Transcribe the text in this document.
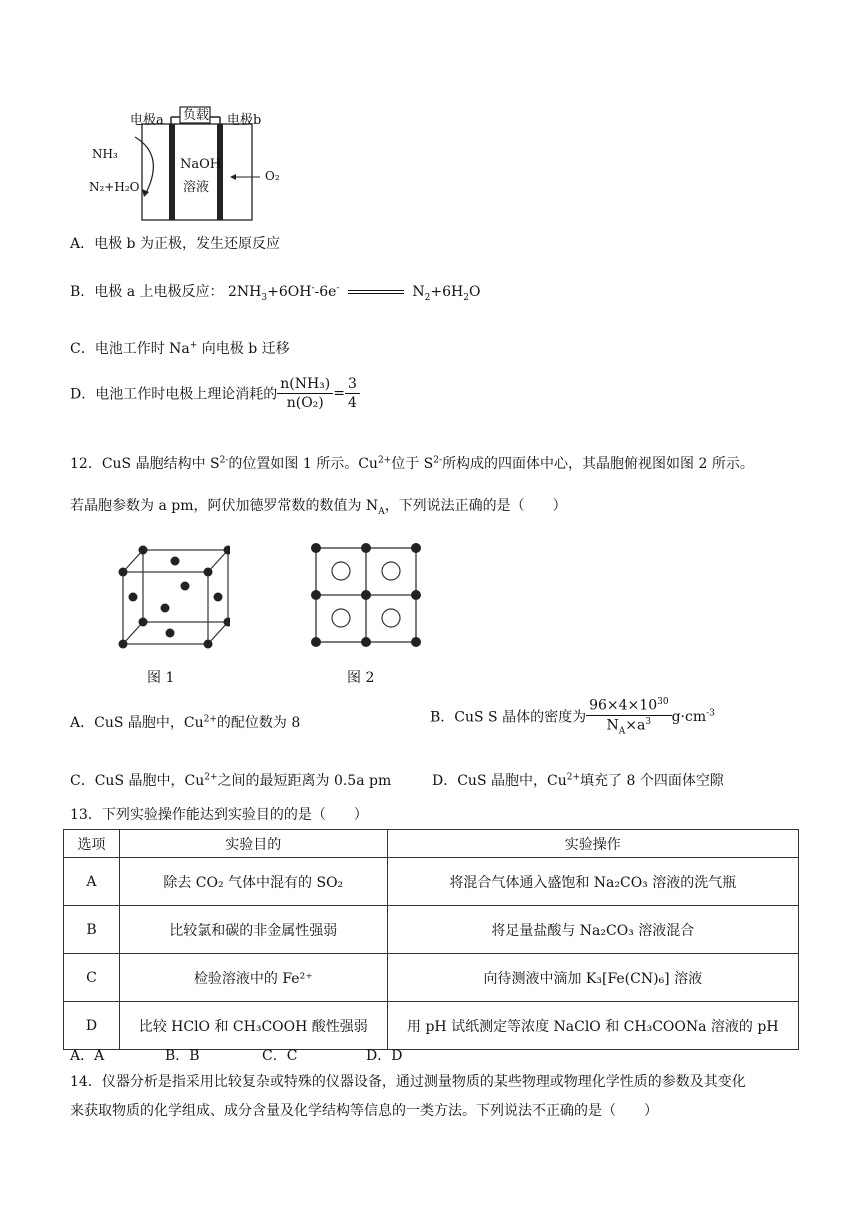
负载
电极a	电极b
NH₃
N₂+H₂O
NaOH
溶液
O₂
A．电极 b 为正极，发生还原反应
B．电极 a 上电极反应： $2NH_3+6OH^--6e^-$	$N_2+6H_2O$
C．电池工作时 Na+ 向电极 b 迁移
D．电池工作时电极上理论消耗的 $\frac{\text{n(NH₃)}}{\text{n(O₂)}} = \frac{3}{4}$
12．CuS 晶胞结构中 $S^{2-}$的位置如图 1 所示。$Cu^{2+}$位于 $S^{2-}$所构成的四面体中心，其晶胞俯视图如图 2 所示。
若晶胞参数为 a pm，阿伏加德罗常数的数值为 $N_A$，下列说法正确的是（　　）
图 1	图 2
A．CuS 晶胞中，$Cu^{2+}$的配位数为 8	B．CuS S 晶体的密度为 $\frac{96\times 4\times 10^{30}}{N_A\times a^3} g\cdot cm^{-3}$
C．CuS 晶胞中，$Cu^{2+}$之间的最短距离为 0.5a pm	D．CuS 晶胞中，$Cu^{2+}$填充了 8 个四面体空隙
13．下列实验操作能达到实验目的的是（　　）
选项	实验目的	实验操作
A	除去 CO₂ 气体中混有的 SO₂	将混合气体通入盛饱和 Na₂CO₃ 溶液的洗气瓶
B	比较氯和碳的非金属性强弱	将足量盐酸与 Na₂CO₃ 溶液混合
C	检验溶液中的 Fe²⁺	向待测液中滴加 K₃[Fe(CN)₆] 溶液
D	比较 HClO 和 CH₃COOH 酸性强弱	用 pH 试纸测定等浓度 NaClO 和 CH₃COONa 溶液的 pH
A．A	B．B	C．C	D．D
14．仪器分析是指采用比较复杂或特殊的仪器设备，通过测量物质的某些物理或物理化学性质的参数及其变化
来获取物质的化学组成、成分含量及化学结构等信息的一类方法。下列说法不正确的是（　　）
